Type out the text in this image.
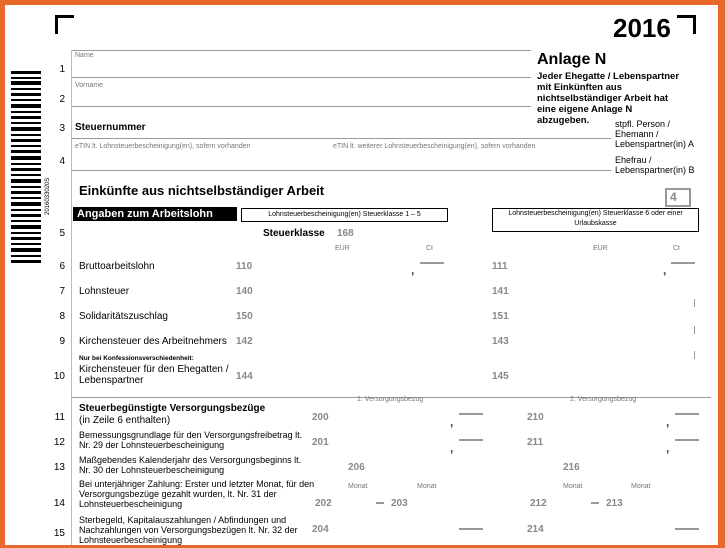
2016
2016033020S
1
2
3
4
5
6
7
8
9
10
11
12
13
14
15
Name
Vorname
Anlage N
Jeder Ehegatte / Lebenspartner mit Einkünften aus nichtselbständiger Arbeit hat eine eigene Anlage N abzugeben.
Steuernummer
eTIN lt. Lohnsteuerbescheinigung(en), sofern vorhanden	eTIN lt. weiterer Lohnsteuerbescheinigung(en), sofern vorhanden
stpfl. Person / Ehemann / Lebenspartner(in) A
Ehefrau / Lebenspartner(in) B
Einkünfte aus nichtselbständiger Arbeit	4
Angaben zum Arbeitslohn	Lohnsteuerbescheinigung(en) Steuerklasse 1 – 5	Lohnsteuerbescheinigung(en) Steuerklasse 6 oder einer Urlaubskasse
Steuerklasse 168
EUR	Ct	EUR	Ct
Bruttoarbeitslohn	110	111
,	,
Lohnsteuer	140	141
Solidaritätszuschlag	150	151
Kirchensteuer des Arbeitnehmers 142	143
Nur bei Konfessionsverschiedenheit:
Kirchensteuer für den Ehegatten / Lebenspartner	144	145
1. Versorgungsbezug	2. Versorgungsbezug
Steuerbegünstigte Versorgungsbezüge
(in Zeile 6 enthalten)	200	210
,	,
Bemessungsgrundlage für den Versorgungsfreibetrag lt. Nr. 29 der Lohnsteuerbescheinigung	201	211
,	,
Maßgebendes Kalenderjahr des Versorgungsbeginns lt. Nr. 30 der Lohnsteuerbescheinigung	206	216
Bei unterjähriger Zahlung: Erster und letzter Monat, für den Versorgungsbezüge gezahlt wurden, lt. Nr. 31 der Lohnsteuerbescheinigung
Monat	Monat	Monat	Monat
202	203	212	213
Sterbegeld, Kapitalauszahlungen / Abfindungen und Nachzahlungen von Versorgungsbezügen lt. Nr. 32 der Lohnsteuerbescheinigung
204	214
